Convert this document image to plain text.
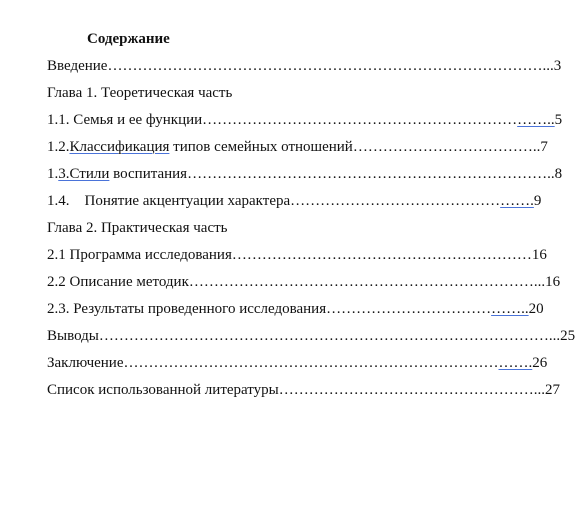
Содержание
Введение……………………………………………………………………………...3
Глава 1. Теоретическая часть
1.1. Семья и ее функции……………………………………………………………..5
1.2.Классификация типов семейных отношений………………………………..7
1.3.Стили воспитания………………………………………………………………..8
1.4.    Понятие акцентуации характера………………………………………….9
Глава 2. Практическая часть
2.1 Программа исследования……………………………………………………16
2.2 Описание методик……………………………………………………………...16
2.3. Результаты проведенного исследования…………………………………..20
Выводы………………………………………………………………………………...25
Заключение……………………………………………………………………….26
Список использованной литературы……………………………………………...27
